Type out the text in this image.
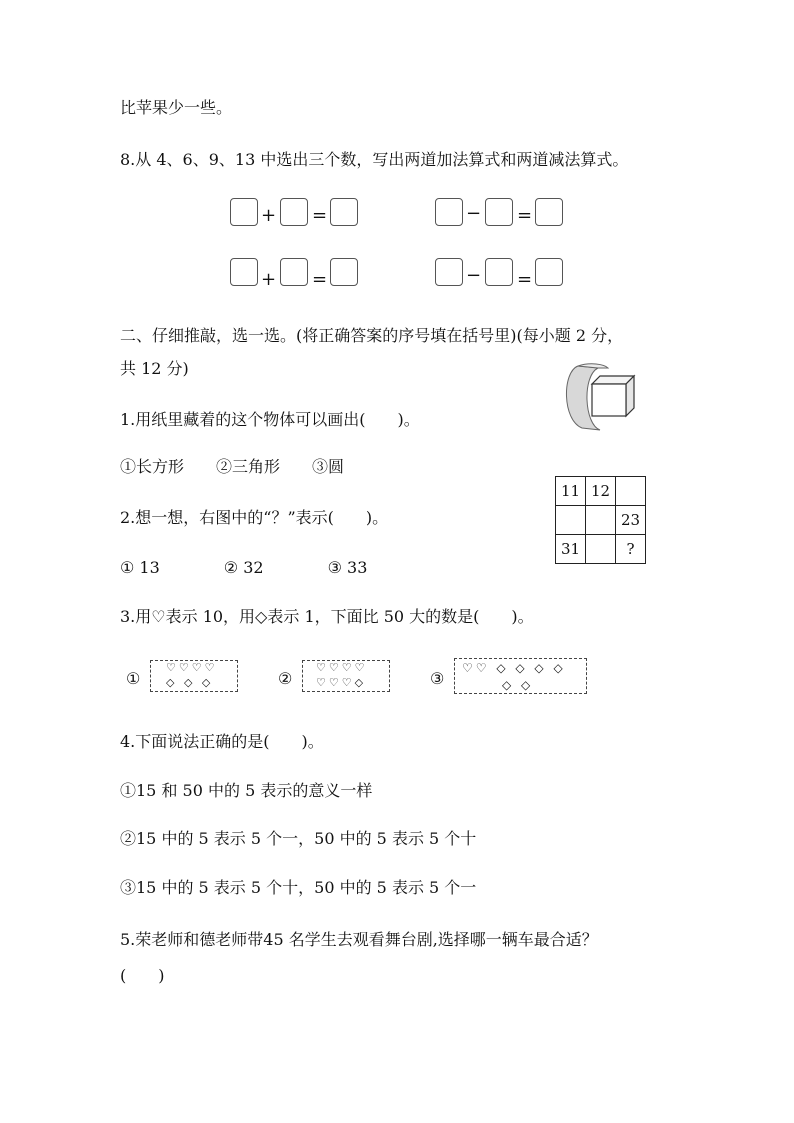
比苹果少一些。
8.从 4、6、9、13 中选出三个数，写出两道加法算式和两道减法算式。
+ =	− =
+ =	− =
二、仔细推敲，选一选。(将正确答案的序号填在括号里)(每小题 2 分，
共 12 分)
1.用纸里藏着的这个物体可以画出(　　)。
①长方形　　②三角形　　③圆
11	12	
		23
31		?
2.想一想，右图中的“？”表示(　　)。
① 13　　　　② 32　　　　③ 33
3.用♡表示 10，用◇表示 1，下面比 50 大的数是(　　)。
①
♡♡♡♡
◇ ◇ ◇	②
♡♡♡♡
♡♡♡◇	③
♡♡ ◇ ◇ ◇ ◇
◇ ◇
4.下面说法正确的是(　　)。
①15 和 50 中的 5 表示的意义一样
②15 中的 5 表示 5 个一，50 中的 5 表示 5 个十
③15 中的 5 表示 5 个十，50 中的 5 表示 5 个一
5.荣老师和德老师带45 名学生去观看舞台剧,选择哪一辆车最合适？
(　　)
